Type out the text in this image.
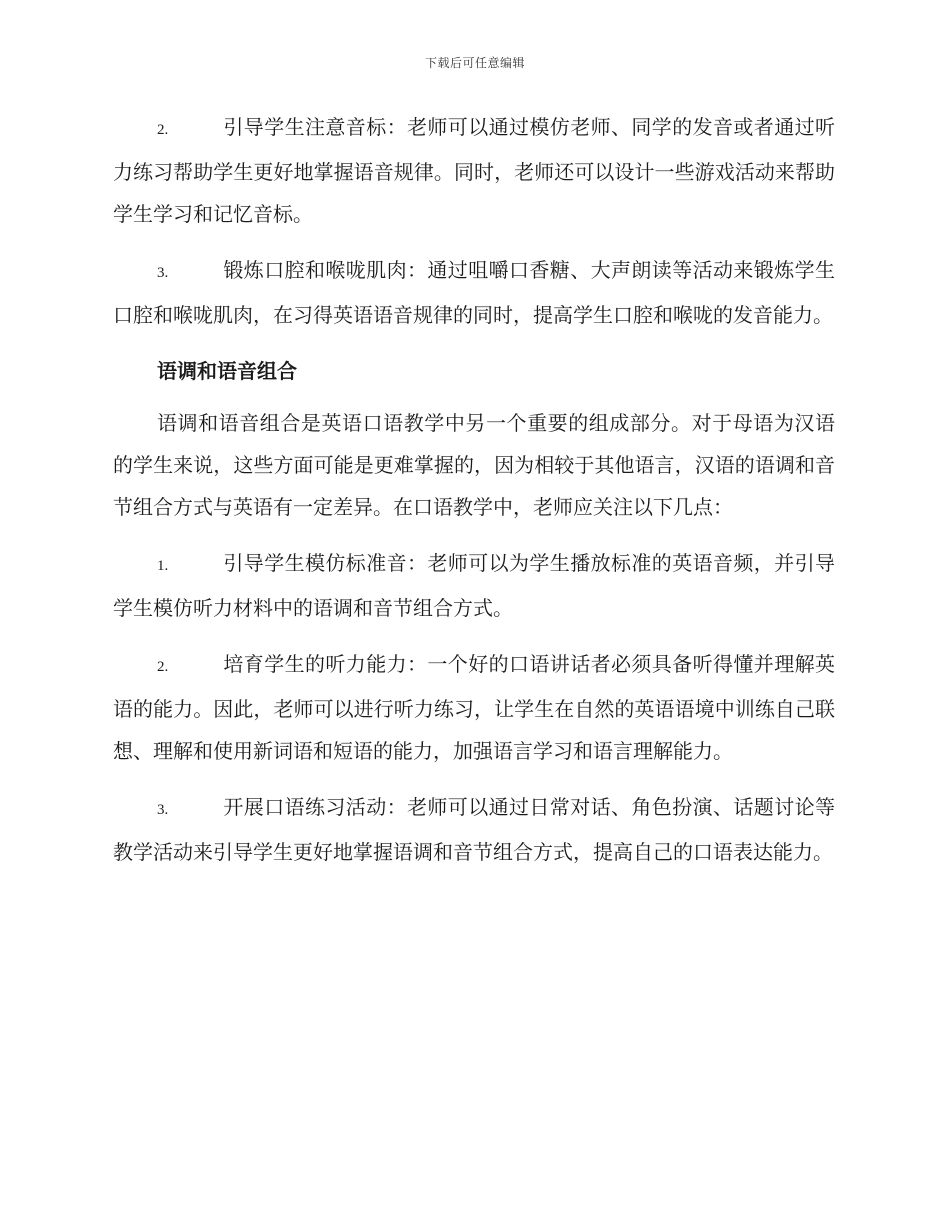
下载后可任意编辑

2.	引导学生注意音标：老师可以通过模仿老师、同学的发音或者通过听力练习帮助学生更好地掌握语音规律。同时，老师还可以设计一些游戏活动来帮助学生学习和记忆音标。

3.	锻炼口腔和喉咙肌肉：通过咀嚼口香糖、大声朗读等活动来锻炼学生口腔和喉咙肌肉，在习得英语语音规律的同时，提高学生口腔和喉咙的发音能力。

语调和语音组合

语调和语音组合是英语口语教学中另一个重要的组成部分。对于母语为汉语的学生来说，这些方面可能是更难掌握的，因为相较于其他语言，汉语的语调和音节组合方式与英语有一定差异。在口语教学中，老师应关注以下几点：

1.	引导学生模仿标准音：老师可以为学生播放标准的英语音频，并引导学生模仿听力材料中的语调和音节组合方式。

2.	培育学生的听力能力：一个好的口语讲话者必须具备听得懂并理解英语的能力。因此，老师可以进行听力练习，让学生在自然的英语语境中训练自己联想、理解和使用新词语和短语的能力，加强语言学习和语言理解能力。

3.	开展口语练习活动：老师可以通过日常对话、角色扮演、话题讨论等教学活动来引导学生更好地掌握语调和音节组合方式，提高自己的口语表达能力。
